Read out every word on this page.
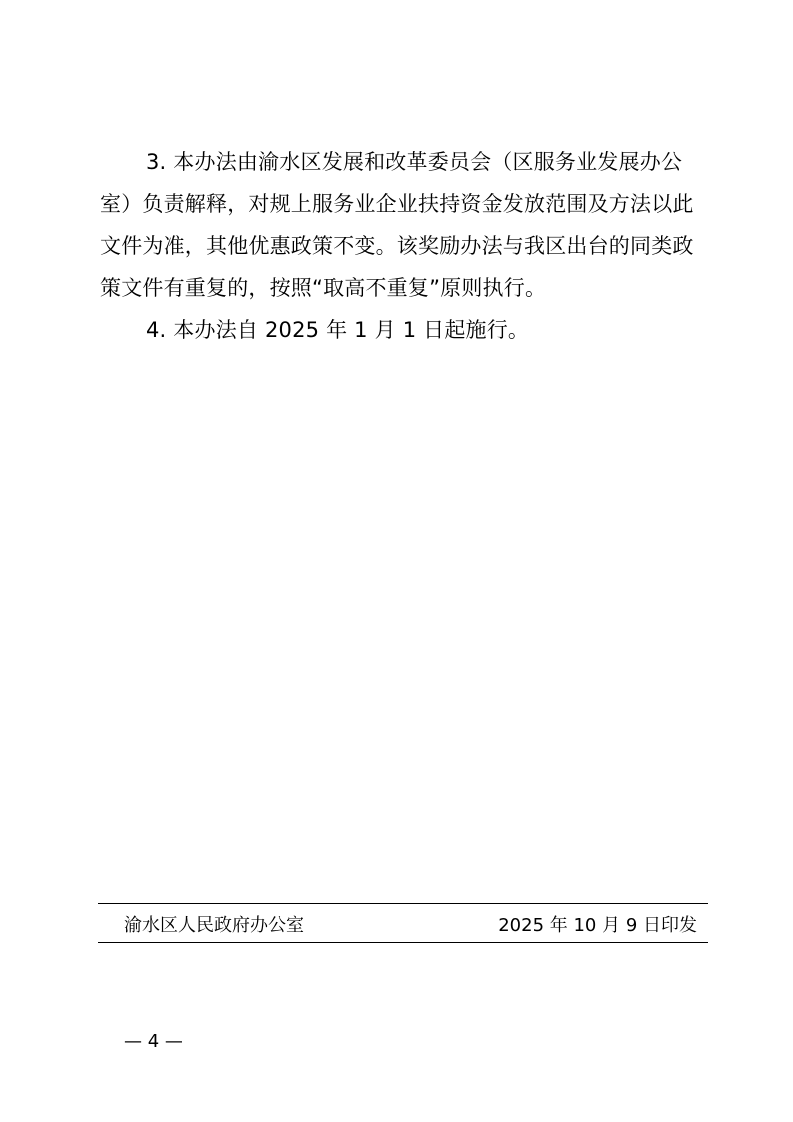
3. 本办法由渝水区发展和改革委员会（区服务业发展办公
室）负责解释，对规上服务业企业扶持资金发放范围及方法以此
文件为准，其他优惠政策不变。该奖励办法与我区出台的同类政
策文件有重复的，按照“取高不重复”原则执行。
4. 本办法自 2025 年 1 月 1 日起施行。
渝水区人民政府办公室	2025 年 10 月 9 日印发
— 4 —
